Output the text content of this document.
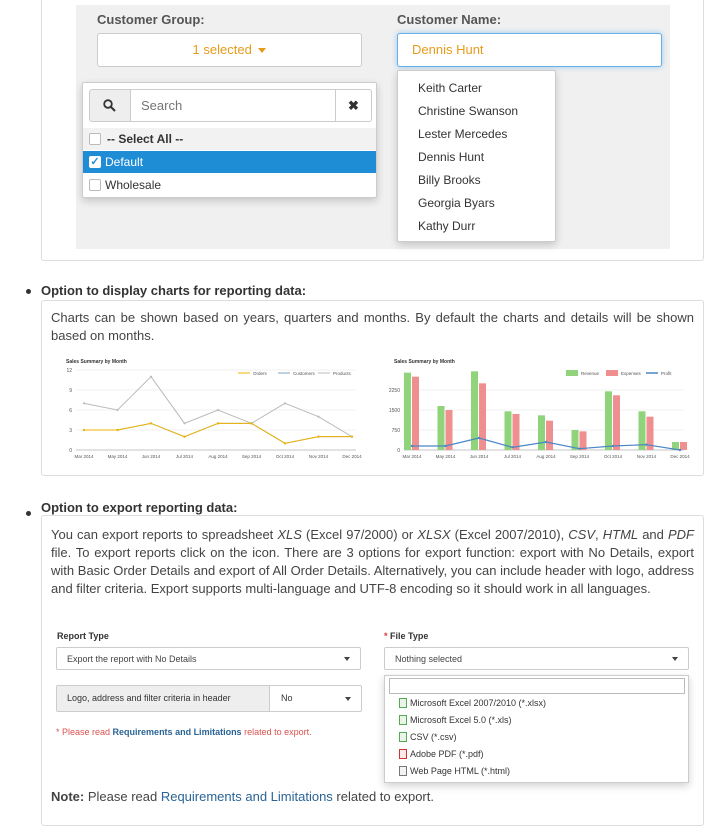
Customer Group:	Customer Name:
1 selected	Dennis Hunt
Search
✖
-- Select All --
✓ Default
Wholesale
Keith Carter
Christine Swanson
Lester Mercedes
Dennis Hunt
Billy Brooks
Georgia Byars
Kathy Durr
Option to display charts for reporting data:
Charts can be shown based on years, quarters and months. By default the charts and details will be shown based on months.
Sales Summary by Month
Orders	Customers	Products
0
3
6
9
12
Mar 2014	May 2014	Jun 2014	Jul 2014	Aug 2014	Sep 2014	Oct 2014	Nov 2014	Dec 2014
Sales Summary by Month
Revenue	Expenses	Profit
0
750
1500
2250
Mar 2014	May 2014	Jun 2014	Jul 2014	Aug 2014	Sep 2014	Oct 2014	Nov 2014	Dec 2014
Option to export reporting data:
You can export reports to spreadsheet XLS (Excel 97/2000) or XLSX (Excel 2007/2010), CSV, HTML and PDF file. To export reports click on the icon. There are 3 options for export function: export with No Details, export with Basic Order Details and export of All Order Details. Alternatively, you can include header with logo, address and filter criteria. Export supports multi-language and UTF-8 encoding so it should work in all languages.
Report Type
Export the report with No Details
* File Type
Nothing selected
Logo, address and filter criteria in header	No
* Please read Requirements and Limitations related to export.
Microsoft Excel 2007/2010 (*.xlsx)
Microsoft Excel 5.0 (*.xls)
CSV (*.csv)
Adobe PDF (*.pdf)
Web Page HTML (*.html)
Note: Please read Requirements and Limitations related to export.
